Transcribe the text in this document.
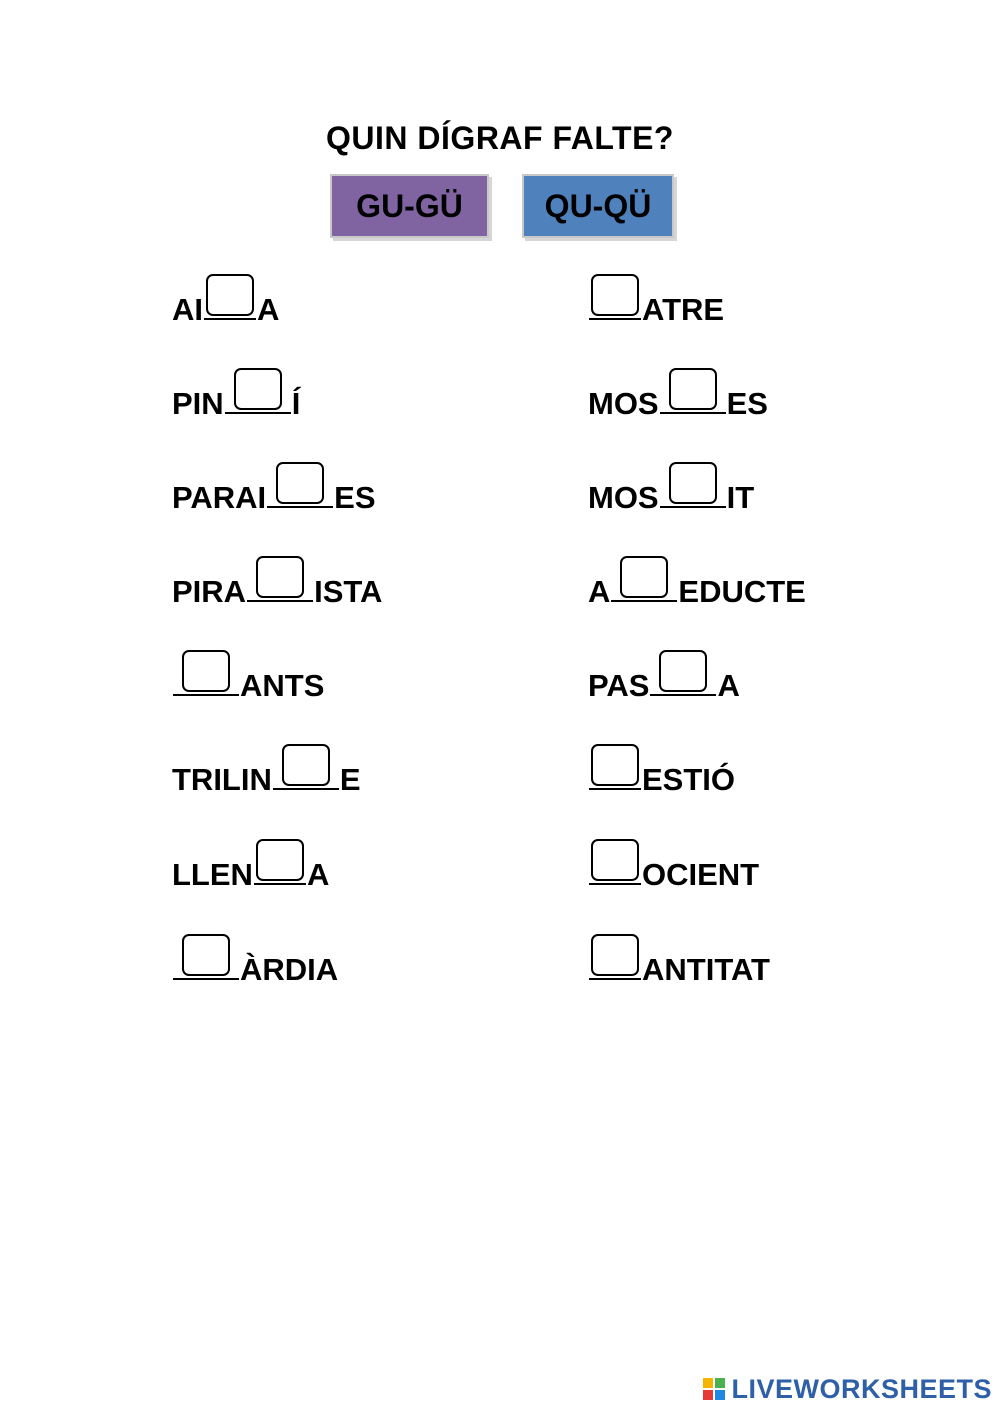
QUIN DÍGRAF FALTE?
GU-GÜ	QU-QÜ
AI A
PIN Í
PARAI ES
PIRA ISTA
ANTS
TRILIN E
LLEN A
ÀRDIA
ATRE
MOS ES
MOS IT
A EDUCTE
PAS A
ESTIÓ
OCIENT
ANTITAT
LIVEWORKSHEETS
